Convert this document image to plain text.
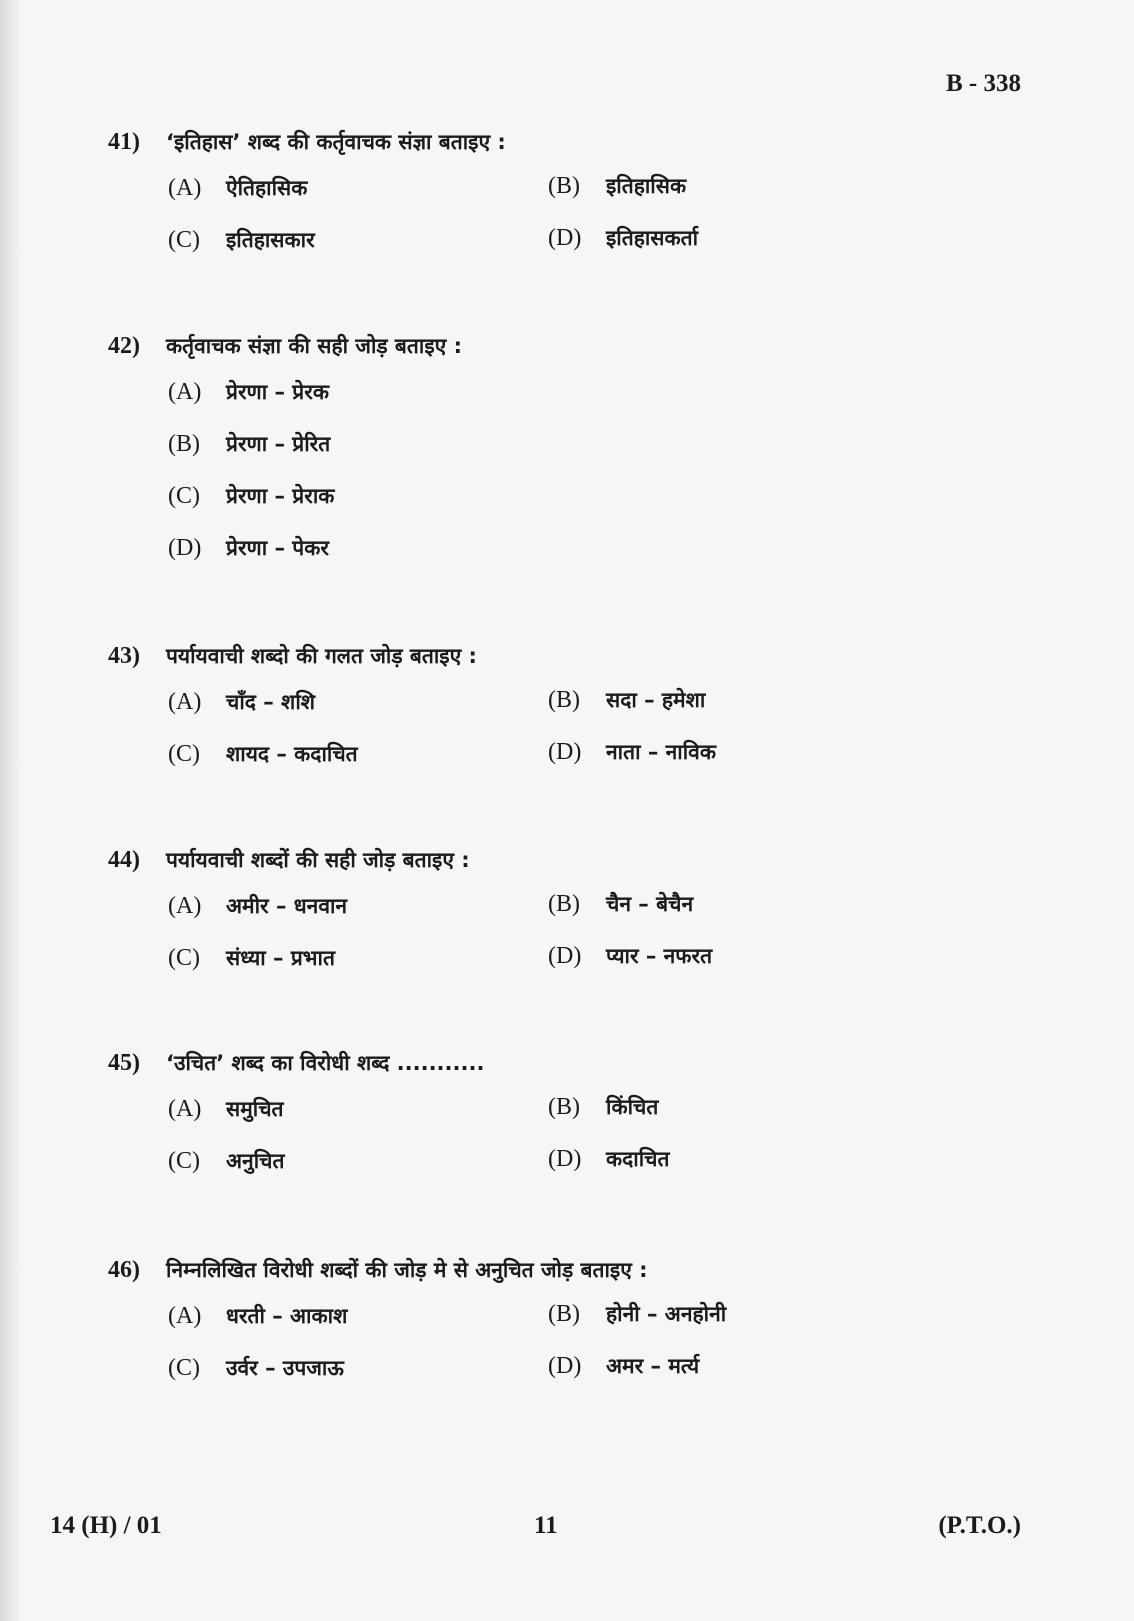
B - 338
41)	‘इतिहास’ शब्द की कर्तृवाचक संज्ञा बताइए :
(A)	ऐतिहासिक	(B)	इतिहासिक
(C)	इतिहासकार	(D)	इतिहासकर्ता
42)	कर्तृवाचक संज्ञा की सही जोड़ बताइए :
(A)	प्रेरणा – प्रेरक
(B)	प्रेरणा – प्रेरित
(C)	प्रेरणा – प्रेराक
(D)	प्रेरणा – पेकर
43)	पर्यायवाची शब्दो की गलत जोड़ बताइए :
(A)	चाँद – शशि	(B)	सदा – हमेशा
(C)	शायद – कदाचित	(D)	नाता – नाविक
44)	पर्यायवाची शब्दों की सही जोड़ बताइए :
(A)	अमीर – धनवान	(B)	चैन – बेचैन
(C)	संध्या – प्रभात	(D)	प्यार – नफरत
45)	‘उचित’ शब्द का विरोधी शब्द ...........
(A)	समुचित	(B)	किंचित
(C)	अनुचित	(D)	कदाचित
46)	निम्नलिखित विरोधी शब्दों की जोड़ मे से अनुचित जोड़ बताइए :
(A)	धरती – आकाश	(B)	होनी – अनहोनी
(C)	उर्वर – उपजाऊ	(D)	अमर – मर्त्य
14 (H) / 01	11	(P.T.O.)
